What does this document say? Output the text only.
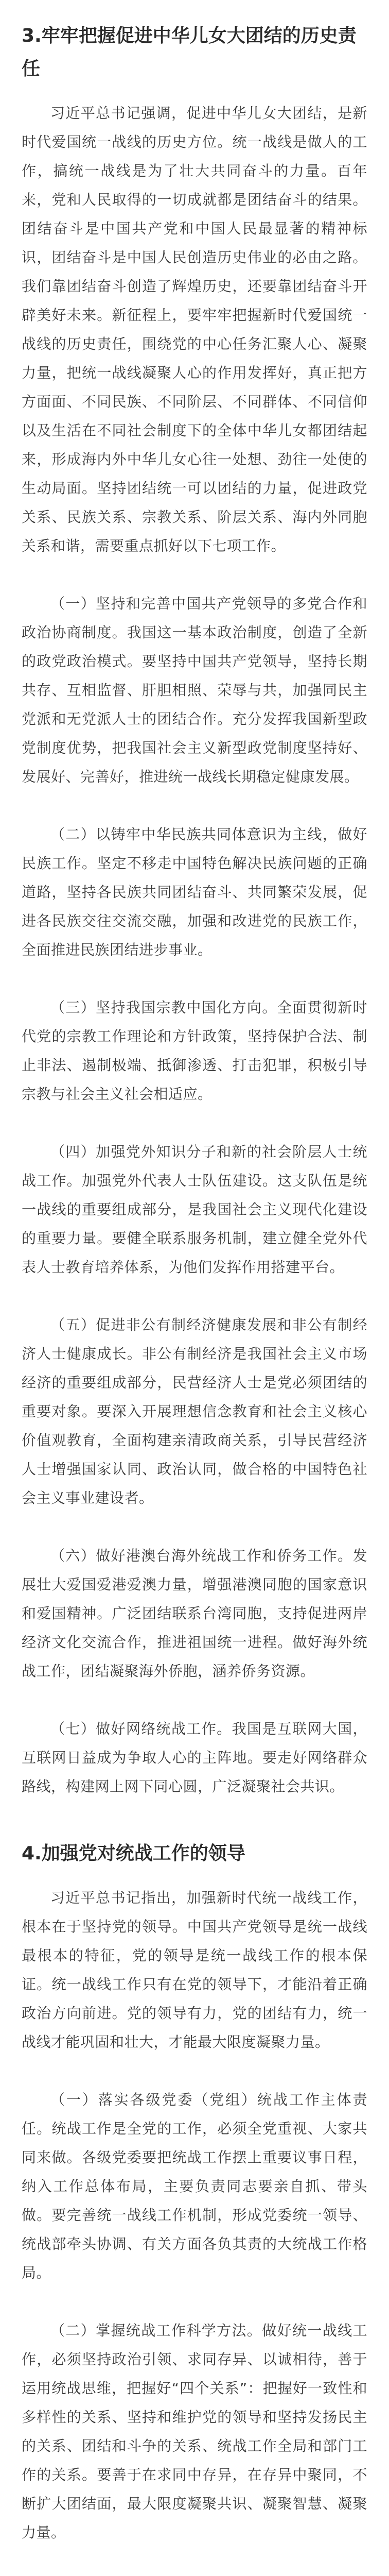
3.牢牢把握促进中华儿女大团结的历史责任

习近平总书记强调，促进中华儿女大团结，是新时代爱国统一战线的历史方位。统一战线是做人的工作，搞统一战线是为了壮大共同奋斗的力量。百年来，党和人民取得的一切成就都是团结奋斗的结果。团结奋斗是中国共产党和中国人民最显著的精神标识，团结奋斗是中国人民创造历史伟业的必由之路。我们靠团结奋斗创造了辉煌历史，还要靠团结奋斗开辟美好未来。新征程上，要牢牢把握新时代爱国统一战线的历史责任，围绕党的中心任务汇聚人心、凝聚力量，把统一战线凝聚人心的作用发挥好，真正把方方面面、不同民族、不同阶层、不同群体、不同信仰以及生活在不同社会制度下的全体中华儿女都团结起来，形成海内外中华儿女心往一处想、劲往一处使的生动局面。坚持团结统一可以团结的力量，促进政党关系、民族关系、宗教关系、阶层关系、海内外同胞关系和谐，需要重点抓好以下七项工作。

（一）坚持和完善中国共产党领导的多党合作和政治协商制度。我国这一基本政治制度，创造了全新的政党政治模式。要坚持中国共产党领导，坚持长期共存、互相监督、肝胆相照、荣辱与共，加强同民主党派和无党派人士的团结合作。充分发挥我国新型政党制度优势，把我国社会主义新型政党制度坚持好、发展好、完善好，推进统一战线长期稳定健康发展。

（二）以铸牢中华民族共同体意识为主线，做好民族工作。坚定不移走中国特色解决民族问题的正确道路，坚持各民族共同团结奋斗、共同繁荣发展，促进各民族交往交流交融，加强和改进党的民族工作，全面推进民族团结进步事业。

（三）坚持我国宗教中国化方向。全面贯彻新时代党的宗教工作理论和方针政策，坚持保护合法、制止非法、遏制极端、抵御渗透、打击犯罪，积极引导宗教与社会主义社会相适应。

（四）加强党外知识分子和新的社会阶层人士统战工作。加强党外代表人士队伍建设。这支队伍是统一战线的重要组成部分，是我国社会主义现代化建设的重要力量。要健全联系服务机制，建立健全党外代表人士教育培养体系，为他们发挥作用搭建平台。

（五）促进非公有制经济健康发展和非公有制经济人士健康成长。非公有制经济是我国社会主义市场经济的重要组成部分，民营经济人士是党必须团结的重要对象。要深入开展理想信念教育和社会主义核心价值观教育，全面构建亲清政商关系，引导民营经济人士增强国家认同、政治认同，做合格的中国特色社会主义事业建设者。

（六）做好港澳台海外统战工作和侨务工作。发展壮大爱国爱港爱澳力量，增强港澳同胞的国家意识和爱国精神。广泛团结联系台湾同胞，支持促进两岸经济文化交流合作，推进祖国统一进程。做好海外统战工作，团结凝聚海外侨胞，涵养侨务资源。

（七）做好网络统战工作。我国是互联网大国，互联网日益成为争取人心的主阵地。要走好网络群众路线，构建网上网下同心圆，广泛凝聚社会共识。

4.加强党对统战工作的领导

习近平总书记指出，加强新时代统一战线工作，根本在于坚持党的领导。中国共产党领导是统一战线最根本的特征，党的领导是统一战线工作的根本保证。统一战线工作只有在党的领导下，才能沿着正确政治方向前进。党的领导有力，党的团结有力，统一战线才能巩固和壮大，才能最大限度凝聚力量。

（一）落实各级党委（党组）统战工作主体责任。统战工作是全党的工作，必须全党重视、大家共同来做。各级党委要把统战工作摆上重要议事日程，纳入工作总体布局，主要负责同志要亲自抓、带头做。要完善统一战线工作机制，形成党委统一领导、统战部牵头协调、有关方面各负其责的大统战工作格局。

（二）掌握统战工作科学方法。做好统一战线工作，必须坚持政治引领、求同存异、以诚相待，善于运用统战思维，把握好“四个关系”：把握好一致性和多样性的关系、坚持和维护党的领导和坚持发扬民主的关系、团结和斗争的关系、统战工作全局和部门工作的关系。要善于在求同中存异，在存异中聚同，不断扩大团结面，最大限度凝聚共识、凝聚智慧、凝聚力量。
